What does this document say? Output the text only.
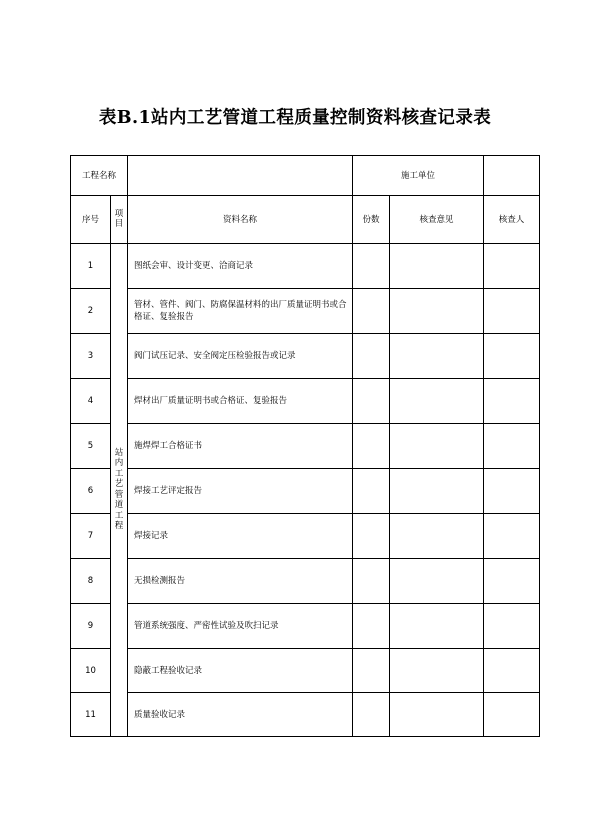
表B.1站内工艺管道工程质量控制资料核查记录表
工程名称			施工单位		
序号	项目	资料名称	份数	核查意见	核查人
1	站内工艺管道工程	图纸会审、设计变更、洽商记录			
2		管材、管件、阀门、防腐保温材料的出厂质量证明书或合格证、复验报告			
3		阀门试压记录、安全阀定压检验报告或记录			
4		焊材出厂质量证明书或合格证、复验报告			
5		施焊焊工合格证书			
6		焊接工艺评定报告			
7		焊接记录			
8		无损检测报告			
9		管道系统强度、严密性试验及吹扫记录			
10		隐蔽工程验收记录			
11		质量验收记录			
